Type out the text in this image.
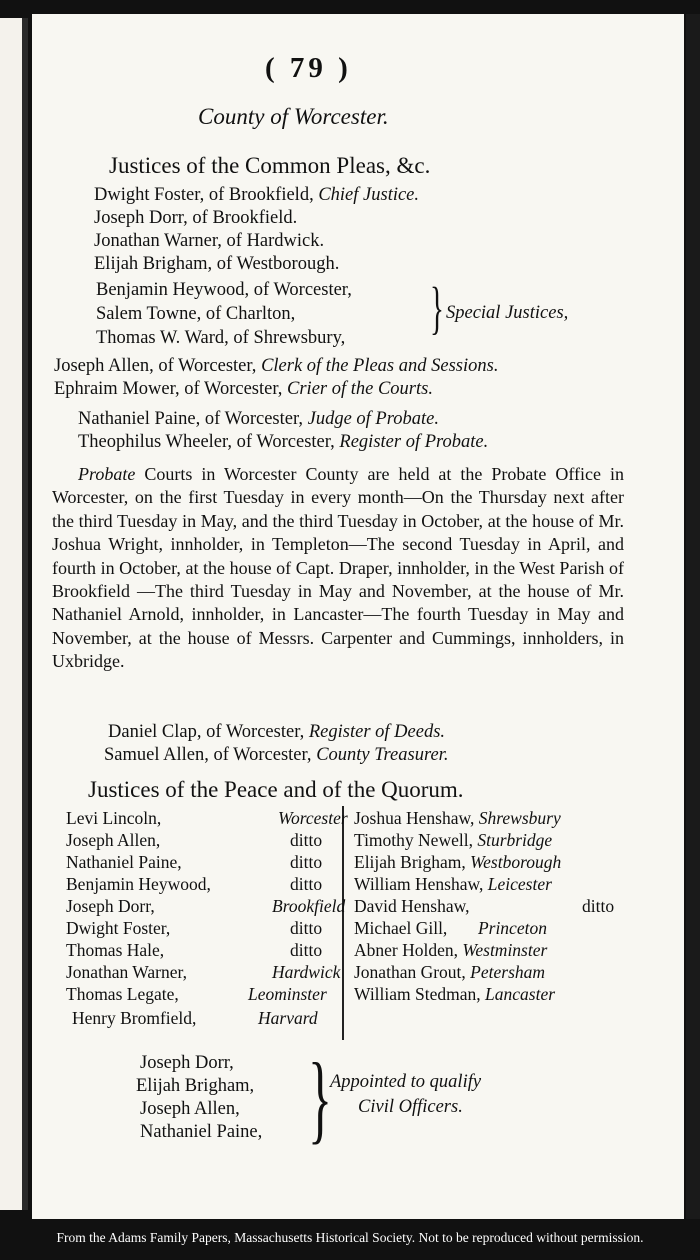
( 79 )
County of Worcester.
Justices of the Common Pleas, &c.
Dwight Foster, of Brookfield, Chief Justice.
Joseph Dorr, of Brookfield.
Jonathan Warner, of Hardwick.
Elijah Brigham, of Westborough.
Benjamin Heywood, of Worcester,
Salem Towne, of Charlton,
Thomas W. Ward, of Shrewsbury, } Special Justices,
Joseph Allen, of Worcester, Clerk of the Pleas and Sessions.
Ephraim Mower, of Worcester, Crier of the Courts.
Nathaniel Paine, of Worcester, Judge of Probate.
Theophilus Wheeler, of Worcester, Register of Probate.
Probate Courts in Worcester County are held at the Probate Office in Worcester, on the first Tuesday in every month—On the Thursday next after the third Tuesday in May, and the third Tuesday in October, at the house of Mr. Joshua Wright, innholder, in Templeton—The second Tuesday in April, and fourth in October, at the house of Capt. Draper, innholder, in the West Parish of Brookfield —The third Tuesday in May and November, at the house of Mr. Nathaniel Arnold, innholder, in Lancaster—The fourth Tuesday in May and November, at the house of Messrs. Carpenter and Cummings, innholders, in Uxbridge.
Daniel Clap, of Worcester, Register of Deeds.
Samuel Allen, of Worcester, County Treasurer.
Justices of the Peace and of the Quorum.
Levi Lincoln,	Worcester
Joseph Allen,	ditto
Nathaniel Paine,	ditto
Benjamin Heywood,	ditto
Joseph Dorr,	Brookfield
Dwight Foster,	ditto
Thomas Hale,	ditto
Jonathan Warner,	Hardwick
Thomas Legate,	Leominster
Henry Bromfield,	Harvard
Joshua Henshaw, Shrewsbury
Timothy Newell, Sturbridge
Elijah Brigham, Westborough
William Henshaw, Leicester
David Henshaw,	ditto
Michael Gill, Princeton
Abner Holden, Westminster
Jonathan Grout, Petersham
William Stedman, Lancaster
Joseph Dorr,
Elijah Brigham,
Joseph Allen,
Nathaniel Paine, }
Appointed to qualify
Civil Officers.
From the Adams Family Papers, Massachusetts Historical Society. Not to be reproduced without permission.
